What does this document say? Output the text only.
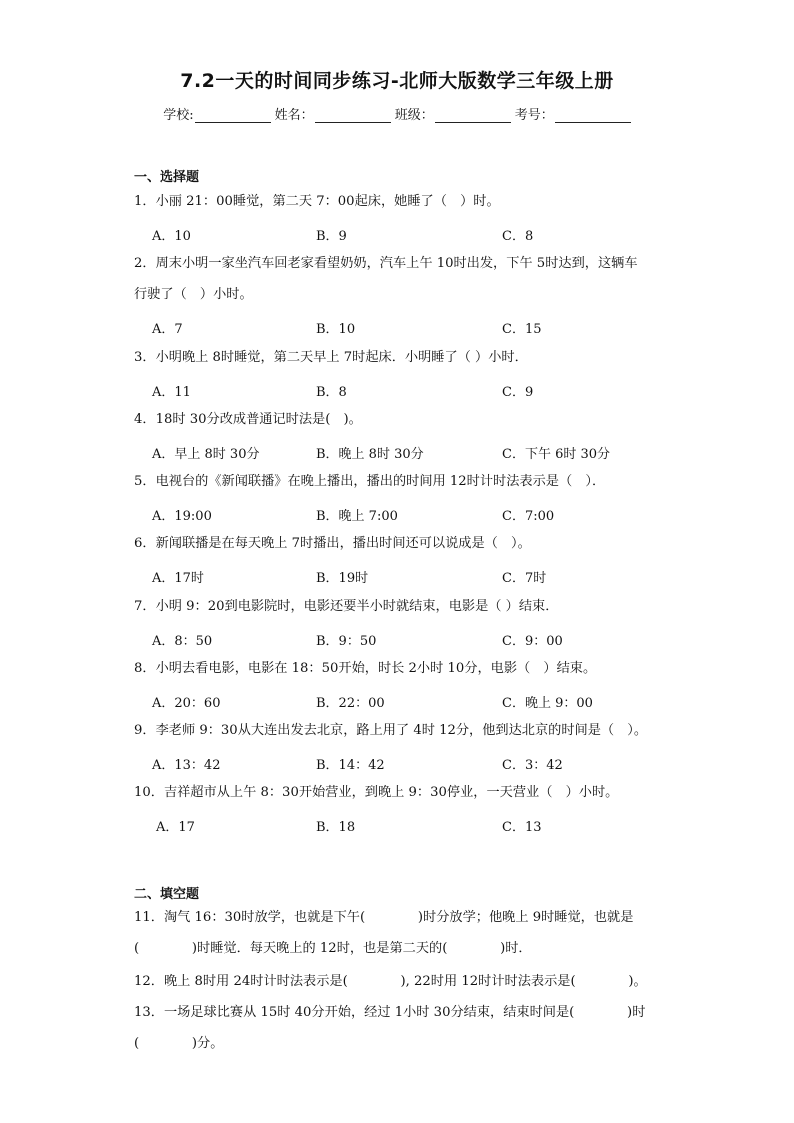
7.2一天的时间同步练习-北师大版数学三年级上册
学校:	姓名：	班级：	考号：
一、选择题
1．小丽 21：00睡觉，第二天 7：00起床，她睡了（　）时。
A．10	B．9	C．8
2．周末小明一家坐汽车回老家看望奶奶，汽车上午 10时出发，下午 5时达到，这辆车
行驶了（　）小时。
A．7	B．10	C．15
3．小明晚上 8时睡觉，第二天早上 7时起床．小明睡了（ ）小时．
A．11	B．8	C．9
4．18时 30分改成普通记时法是(　)。
A．早上 8时 30分	B．晚上 8时 30分	C．下午 6时 30分
5．电视台的《新闻联播》在晚上播出，播出的时间用 12时计时法表示是（　）．
A．19:00	B．晚上 7:00	C．7:00
6．新闻联播是在每天晚上 7时播出，播出时间还可以说成是（　）。
A．17时	B．19时	C．7时
7．小明 9：20到电影院时，电影还要半小时就结束，电影是（ ）结束．
A．8：50	B．9：50	C．9：00
8．小明去看电影，电影在 18：50开始，时长 2小时 10分，电影（　）结束。
A．20：60	B．22：00	C．晚上 9：00
9．李老师 9：30从大连出发去北京，路上用了 4时 12分，他到达北京的时间是（　）。
A．13：42	B．14：42	C．3：42
10．吉祥超市从上午 8：30开始营业，到晚上 9：30停业，一天营业（　）小时。
A．17	B．18	C．13
二、填空题
11．淘气 16：30时放学，也就是下午(　　　　)时分放学；他晚上 9时睡觉，也就是
(　　　　)时睡觉．每天晚上的 12时，也是第二天的(　　　　)时．
12．晚上 8时用 24时计时法表示是(　　　　), 22时用 12时计时法表示是(　　　　)。
13．一场足球比赛从 15时 40分开始，经过 1小时 30分结束，结束时间是(　　　　)时
(　　　　)分。
